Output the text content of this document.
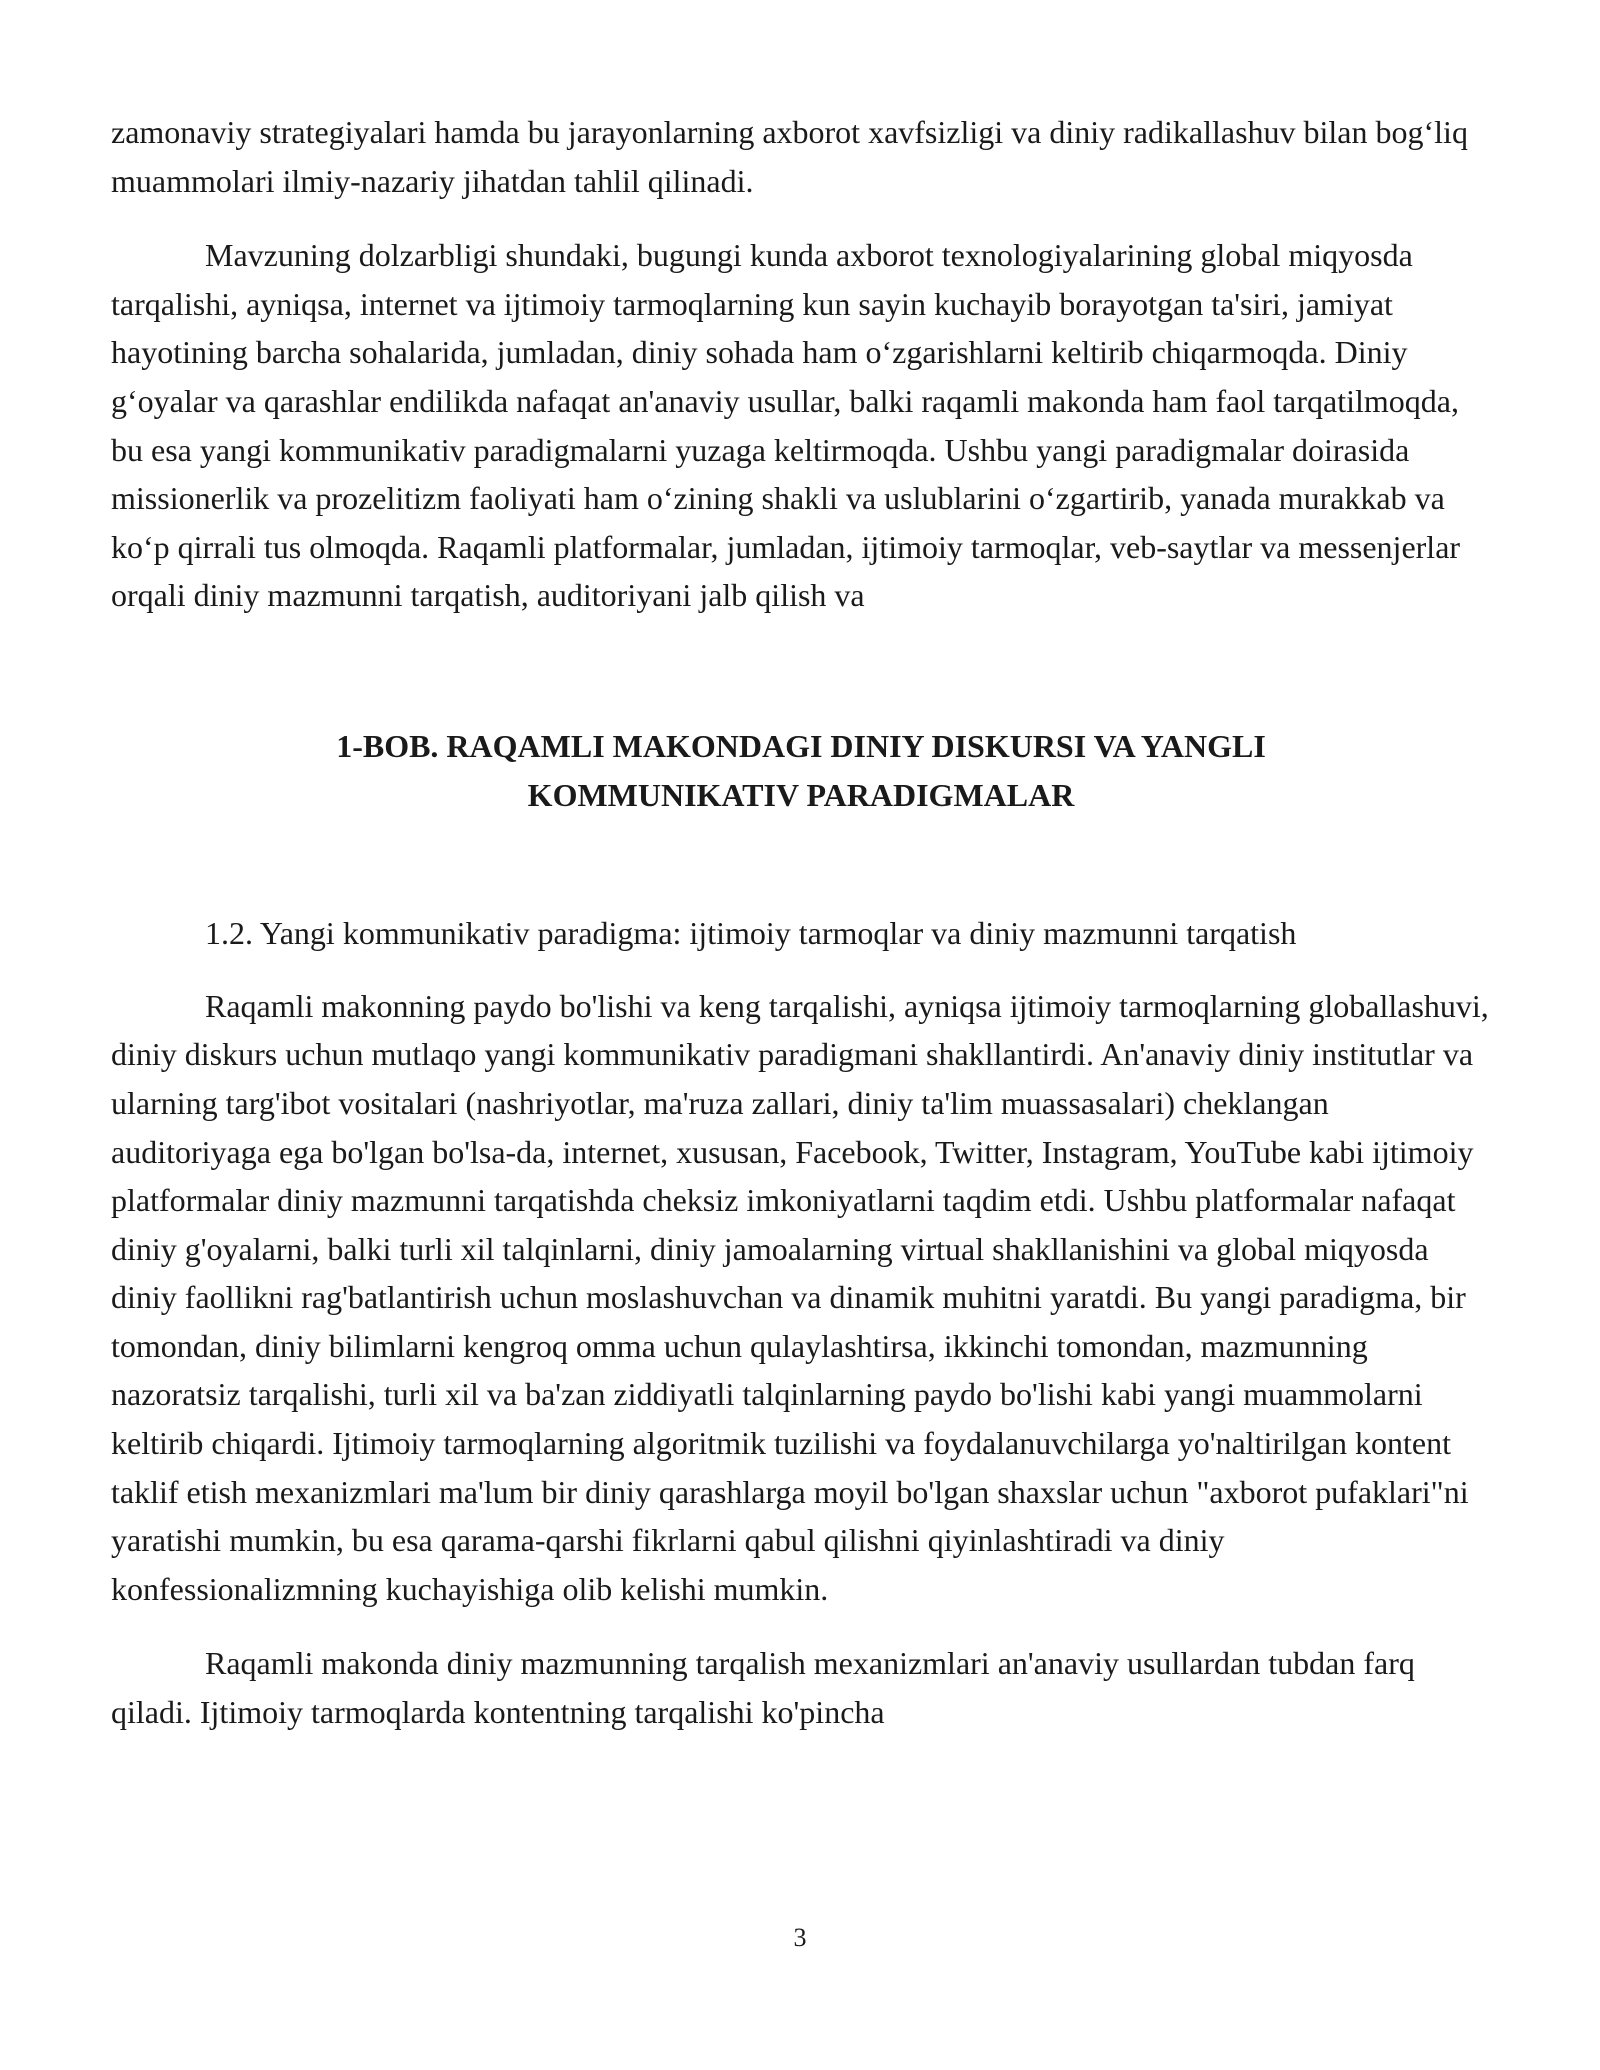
zamonaviy strategiyalari hamda bu jarayonlarning axborot xavfsizligi va diniy radikallashuv bilan bog‘liq muammolari ilmiy-nazariy jihatdan tahlil qilinadi.

Mavzuning dolzarbligi shundaki, bugungi kunda axborot texnologiyalarining global miqyosda tarqalishi, ayniqsa, internet va ijtimoiy tarmoqlarning kun sayin kuchayib borayotgan ta'siri, jamiyat hayotining barcha sohalarida, jumladan, diniy sohada ham o‘zgarishlarni keltirib chiqarmoqda. Diniy g‘oyalar va qarashlar endilikda nafaqat an'anaviy usullar, balki raqamli makonda ham faol tarqatilmoqda, bu esa yangi kommunikativ paradigmalarni yuzaga keltirmoqda. Ushbu yangi paradigmalar doirasida missionerlik va prozelitizm faoliyati ham o‘zining shakli va uslublarini o‘zgartirib, yanada murakkab va ko‘p qirrali tus olmoqda. Raqamli platformalar, jumladan, ijtimoiy tarmoqlar, veb-saytlar va messenjerlar orqali diniy mazmunni tarqatish, auditoriyani jalb qilish va

1-BOB. RAQAMLI MAKONDAGI DINIY DISKURSI VA YANGLI
KOMMUNIKATIV PARADIGMALAR

1.2. Yangi kommunikativ paradigma: ijtimoiy tarmoqlar va diniy mazmunni tarqatish

Raqamli makonning paydo bo'lishi va keng tarqalishi, ayniqsa ijtimoiy tarmoqlarning globallashuvi, diniy diskurs uchun mutlaqo yangi kommunikativ paradigmani shakllantirdi. An'anaviy diniy institutlar va ularning targ'ibot vositalari (nashriyotlar, ma'ruza zallari, diniy ta'lim muassasalari) cheklangan auditoriyaga ega bo'lgan bo'lsa-da, internet, xususan, Facebook, Twitter, Instagram, YouTube kabi ijtimoiy platformalar diniy mazmunni tarqatishda cheksiz imkoniyatlarni taqdim etdi. Ushbu platformalar nafaqat diniy g'oyalarni, balki turli xil talqinlarni, diniy jamoalarning virtual shakllanishini va global miqyosda diniy faollikni rag'batlantirish uchun moslashuvchan va dinamik muhitni yaratdi. Bu yangi paradigma, bir tomondan, diniy bilimlarni kengroq omma uchun qulaylashtirsa, ikkinchi tomondan, mazmunning nazoratsiz tarqalishi, turli xil va ba'zan ziddiyatli talqinlarning paydo bo'lishi kabi yangi muammolarni keltirib chiqardi. Ijtimoiy tarmoqlarning algoritmik tuzilishi va foydalanuvchilarga yo'naltirilgan kontent taklif etish mexanizmlari ma'lum bir diniy qarashlarga moyil bo'lgan shaxslar uchun "axborot pufaklari"ni yaratishi mumkin, bu esa qarama-qarshi fikrlarni qabul qilishni qiyinlashtiradi va diniy konfessionalizmning kuchayishiga olib kelishi mumkin.

Raqamli makonda diniy mazmunning tarqalish mexanizmlari an'anaviy usullardan tubdan farq qiladi. Ijtimoiy tarmoqlarda kontentning tarqalishi ko'pincha

3
